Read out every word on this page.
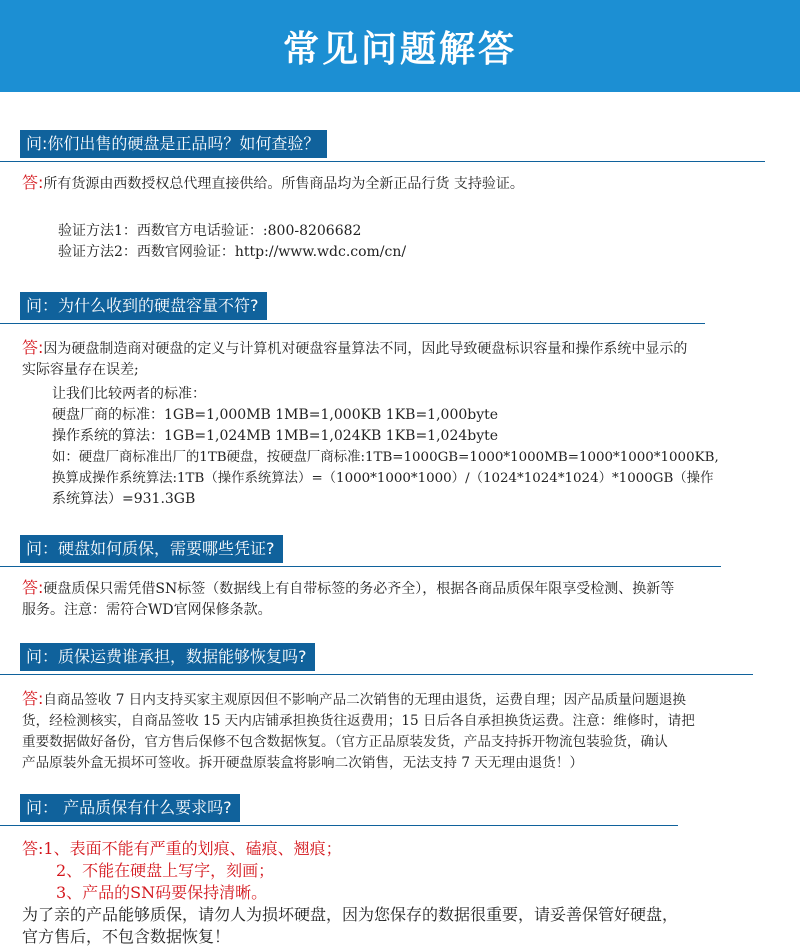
常见问题解答
问:你们出售的硬盘是正品吗？如何查验？
答:所有货源由西数授权总代理直接供给。所售商品均为全新正品行货 支持验证。
验证方法1：西数官方电话验证：:800-8206682
验证方法2：西数官网验证：http://www.wdc.com/cn/
问：为什么收到的硬盘容量不符?
答:因为硬盘制造商对硬盘的定义与计算机对硬盘容量算法不同，因此导致硬盘标识容量和操作系统中显示的
实际容量存在误差;
让我们比较两者的标准：
硬盘厂商的标准：1GB=1,000MB 1MB=1,000KB 1KB=1,000byte
操作系统的算法：1GB=1,024MB 1MB=1,024KB 1KB=1,024byte
如：硬盘厂商标准出厂的1TB硬盘，按硬盘厂商标准:1TB=1000GB=1000*1000MB=1000*1000*1000KB,
换算成操作系统算法:1TB（操作系统算法）=（1000*1000*1000）/（1024*1024*1024）*1000GB（操作
系统算法）=931.3GB
问：硬盘如何质保，需要哪些凭证?
答:硬盘质保只需凭借SN标签（数据线上有自带标签的务必齐全），根据各商品质保年限享受检测、换新等
服务。注意：需符合WD官网保修条款。
问：质保运费谁承担，数据能够恢复吗?
答:自商品签收 7 日内支持买家主观原因但不影响产品二次销售的无理由退货，运费自理；因产品质量问题退换
货，经检测核实，自商品签收 15 天内店铺承担换货往返费用；15 日后各自承担换货运费。注意：维修时，请把
重要数据做好备份，官方售后保修不包含数据恢复。（官方正品原装发货，产品支持拆开物流包装验货，确认
产品原装外盒无损坏可签收。拆开硬盘原装盒将影响二次销售，无法支持 7 天无理由退货！）
问： 产品质保有什么要求吗?
答:1、表面不能有严重的划痕、磕痕、翘痕；
2、不能在硬盘上写字，刻画；
3、产品的SN码要保持清晰。
为了亲的产品能够质保，请勿人为损坏硬盘，因为您保存的数据很重要，请妥善保管好硬盘，
官方售后，不包含数据恢复！
